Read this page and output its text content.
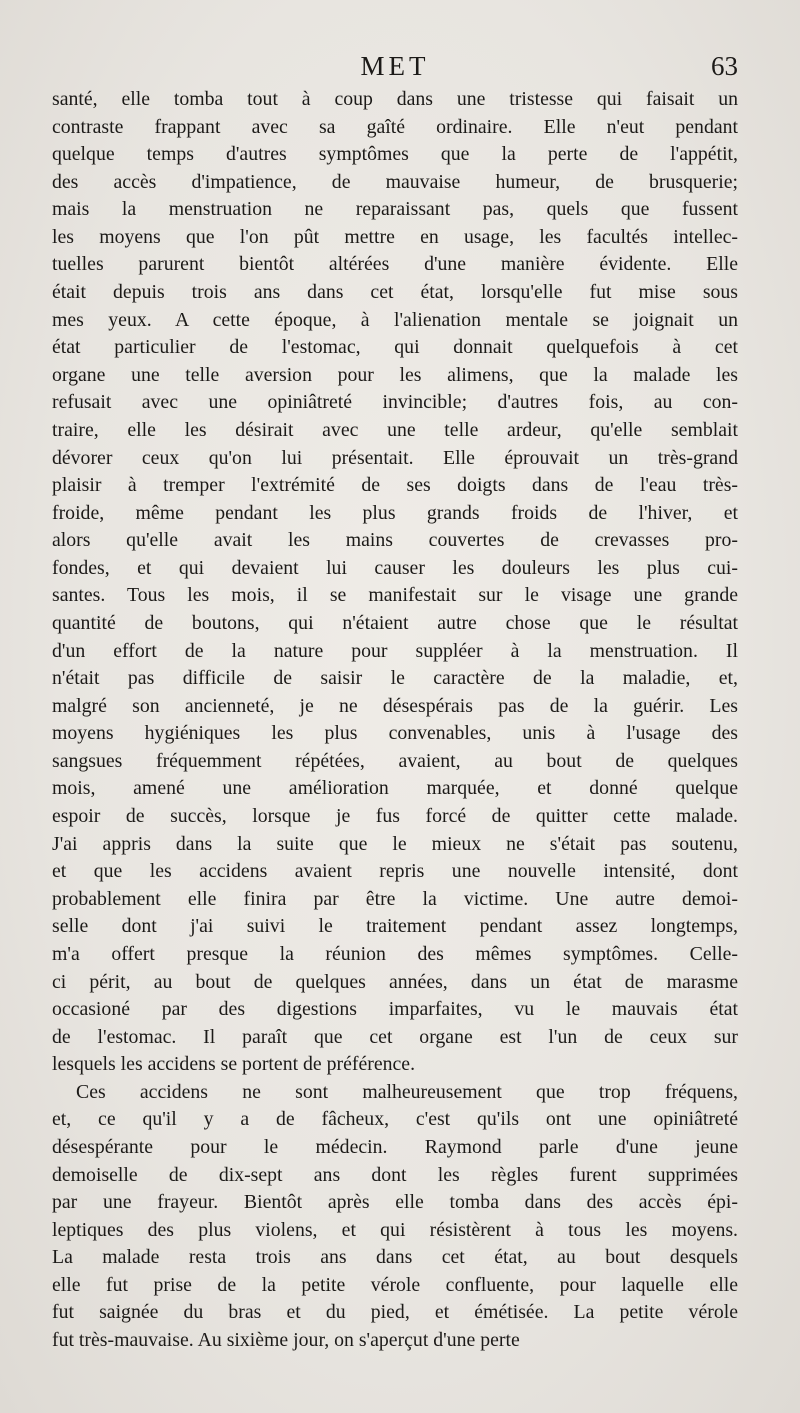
MET	63
santé, elle tomba tout à coup dans une tristesse qui faisait un
contraste frappant avec sa gaîté ordinaire. Elle n'eut pendant
quelque temps d'autres symptômes que la perte de l'appétit,
des accès d'impatience, de mauvaise humeur, de brusquerie;
mais la menstruation ne reparaissant pas, quels que fussent
les moyens que l'on pût mettre en usage, les facultés intellec-
tuelles parurent bientôt altérées d'une manière évidente. Elle
était depuis trois ans dans cet état, lorsqu'elle fut mise sous
mes yeux. A cette époque, à l'alienation mentale se joignait un
état particulier de l'estomac, qui donnait quelquefois à cet
organe une telle aversion pour les alimens, que la malade les
refusait avec une opiniâtreté invincible; d'autres fois, au con-
traire, elle les désirait avec une telle ardeur, qu'elle semblait
dévorer ceux qu'on lui présentait. Elle éprouvait un très-grand
plaisir à tremper l'extrémité de ses doigts dans de l'eau très-
froide, même pendant les plus grands froids de l'hiver, et
alors qu'elle avait les mains couvertes de crevasses pro-
fondes, et qui devaient lui causer les douleurs les plus cui-
santes. Tous les mois, il se manifestait sur le visage une grande
quantité de boutons, qui n'étaient autre chose que le résultat
d'un effort de la nature pour suppléer à la menstruation. Il
n'était pas difficile de saisir le caractère de la maladie, et,
malgré son ancienneté, je ne désespérais pas de la guérir. Les
moyens hygiéniques les plus convenables, unis à l'usage des
sangsues fréquemment répétées, avaient, au bout de quelques
mois, amené une amélioration marquée, et donné quelque
espoir de succès, lorsque je fus forcé de quitter cette malade.
J'ai appris dans la suite que le mieux ne s'était pas soutenu,
et que les accidens avaient repris une nouvelle intensité, dont
probablement elle finira par être la victime. Une autre demoi-
selle dont j'ai suivi le traitement pendant assez longtemps,
m'a offert presque la réunion des mêmes symptômes. Celle-
ci périt, au bout de quelques années, dans un état de marasme
occasioné par des digestions imparfaites, vu le mauvais état
de l'estomac. Il paraît que cet organe est l'un de ceux sur
lesquels les accidens se portent de préférence.
Ces accidens ne sont malheureusement que trop fréquens,
et, ce qu'il y a de fâcheux, c'est qu'ils ont une opiniâtreté
désespérante pour le médecin. Raymond parle d'une jeune
demoiselle de dix-sept ans dont les règles furent supprimées
par une frayeur. Bientôt après elle tomba dans des accès épi-
leptiques des plus violens, et qui résistèrent à tous les moyens.
La malade resta trois ans dans cet état, au bout desquels
elle fut prise de la petite vérole confluente, pour laquelle elle
fut saignée du bras et du pied, et émétisée. La petite vérole
fut très-mauvaise. Au sixième jour, on s'aperçut d'une perte
